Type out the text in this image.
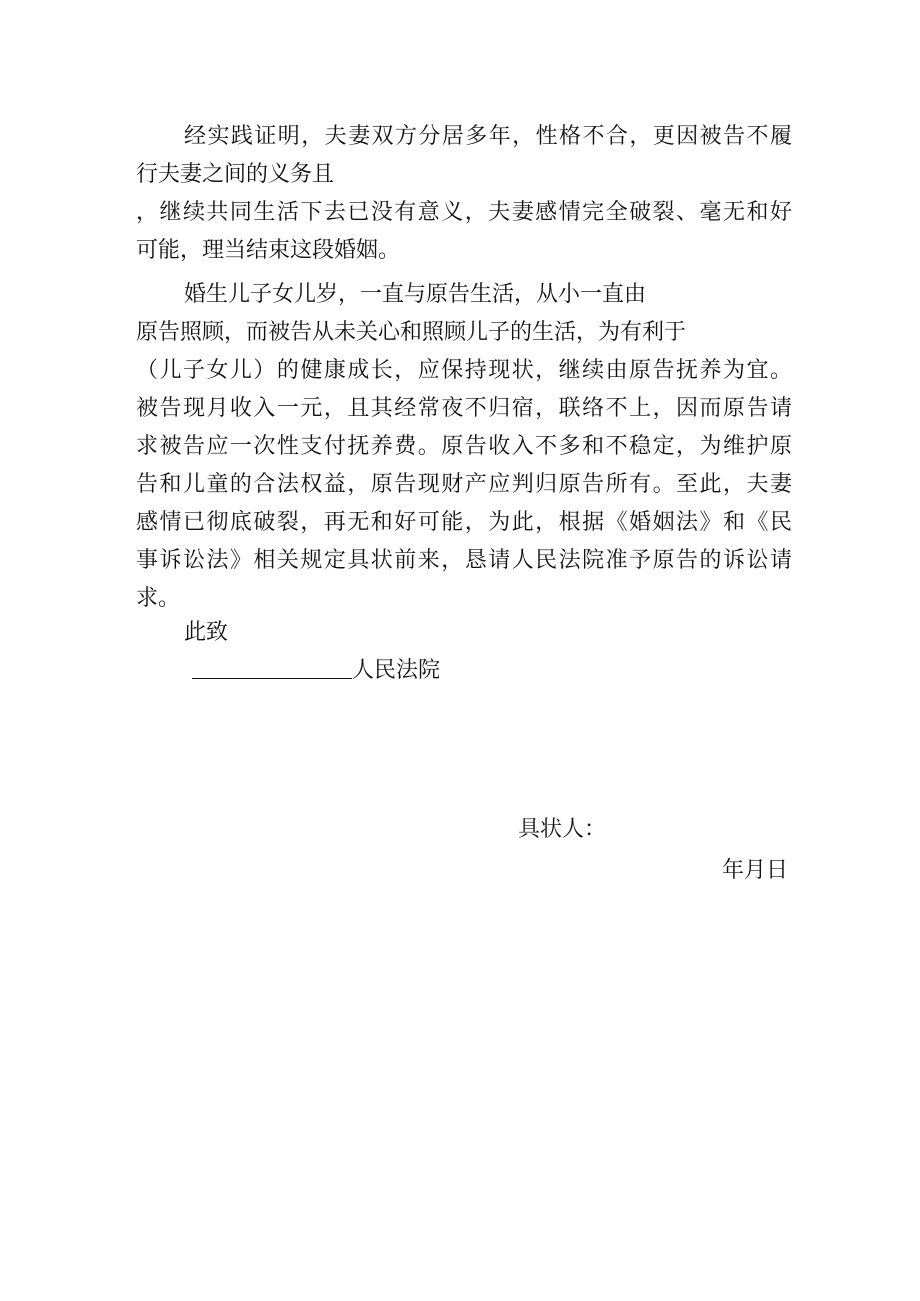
经实践证明，夫妻双方分居多年，性格不合，更因被告不履
行夫妻之间的义务且
，继续共同生活下去已没有意义，夫妻感情完全破裂、毫无和好
可能，理当结束这段婚姻。
婚生儿子女儿岁，一直与原告生活，从小一直由
原告照顾，而被告从未关心和照顾儿子的生活，为有利于
（儿子女儿）的健康成长，应保持现状，继续由原告抚养为宜。
被告现月收入一元，且其经常夜不归宿，联络不上，因而原告请
求被告应一次性支付抚养费。原告收入不多和不稳定，为维护原
告和儿童的合法权益，原告现财产应判归原告所有。至此，夫妻
感情已彻底破裂，再无和好可能，为此，根据《婚姻法》和《民
事诉讼法》相关规定具状前来，恳请人民法院准予原告的诉讼请
求。
此致
人民法院
具状人：
年月日
